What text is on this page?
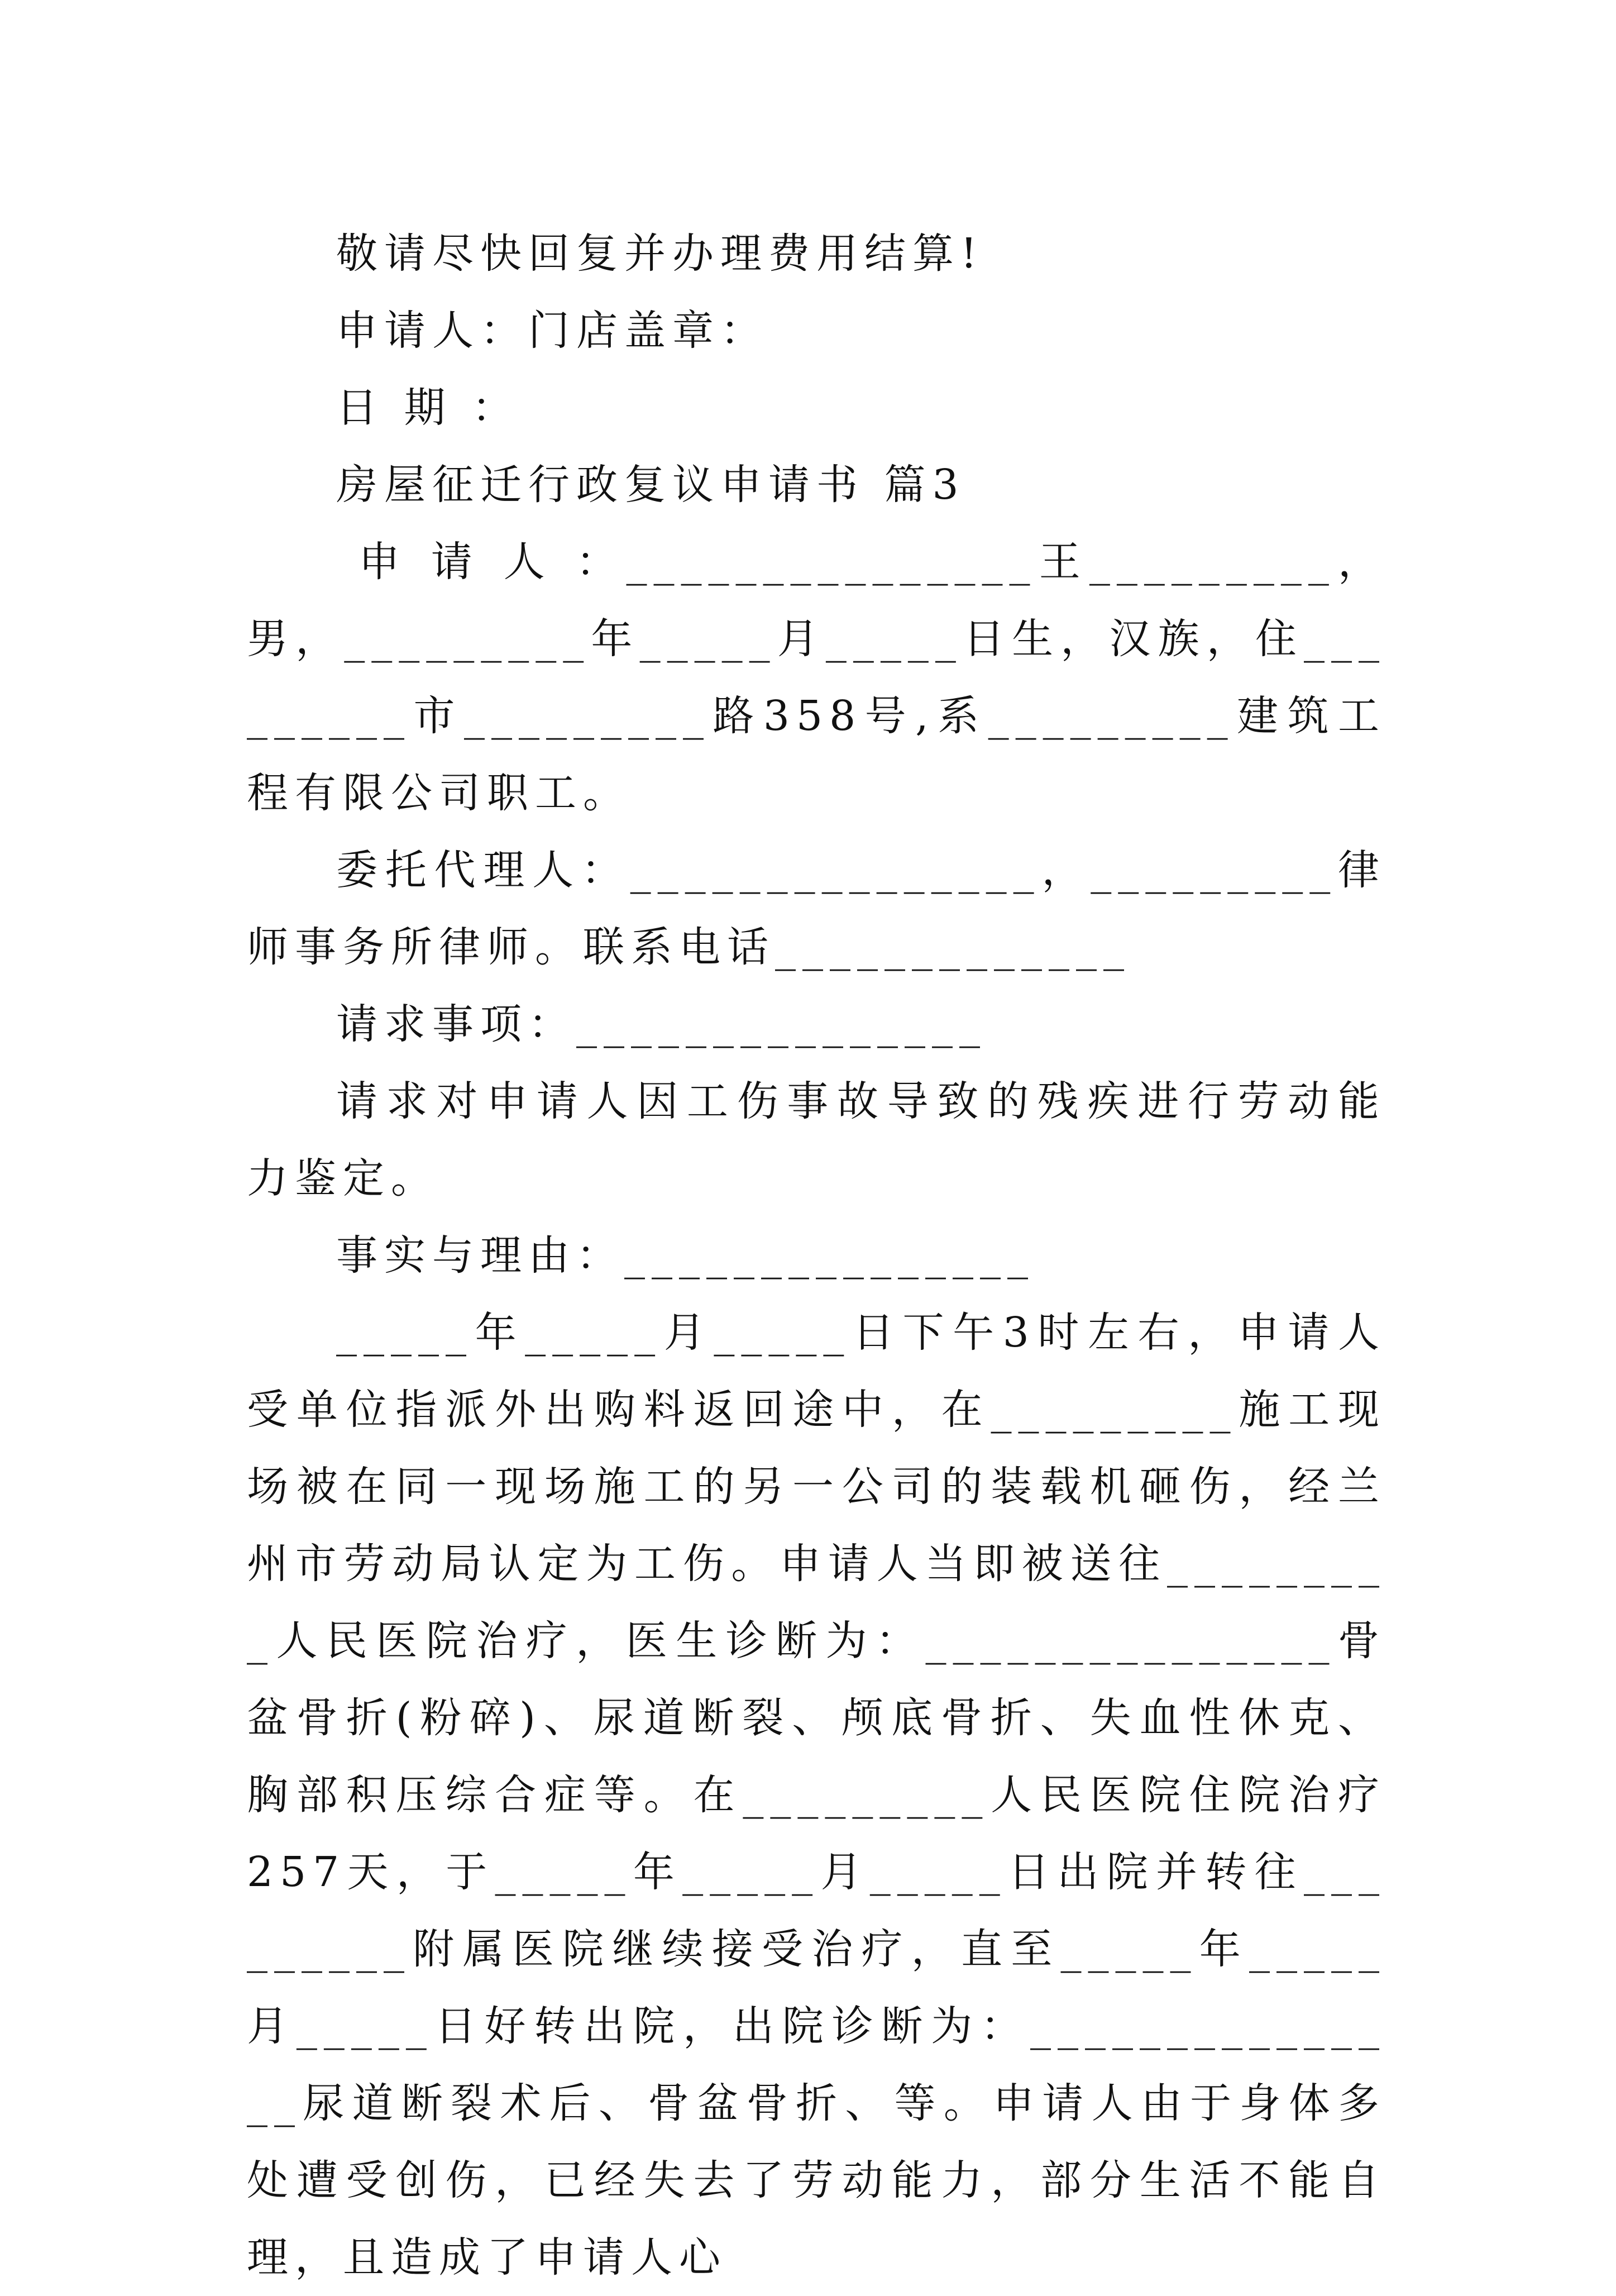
敬请尽快回复并办理费用结算!

申请人：门店盖章：

日 期 ：

房屋征迁行政复议申请书 篇3

申 请 人 ：_______________王_________，男，_________年_____月_____日生，汉族，住_________市_________路358号,系_________建筑工程有限公司职工。

委托代理人：_______________，_________律师事务所律师。联系电话_____________

请求事项：_______________

请求对申请人因工伤事故导致的残疾进行劳动能力鉴定。

事实与理由：_______________

_____年_____月_____日下午3时左右，申请人受单位指派外出购料返回途中，在_________施工现场被在同一现场施工的另一公司的装载机砸伤，经兰州市劳动局认定为工伤。申请人当即被送往_________人民医院治疗，医生诊断为：_______________骨盆骨折(粉碎)、尿道断裂、颅底骨折、失血性休克、胸部积压综合症等。在_________人民医院住院治疗257天，于_____年_____月_____日出院并转往_________附属医院继续接受治疗，直至_____年_____月_____日好转出院，出院诊断为：_______________尿道断裂术后、骨盆骨折、等。申请人由于身体多处遭受创伤，已经失去了劳动能力，部分生活不能自理，且造成了申请人心
